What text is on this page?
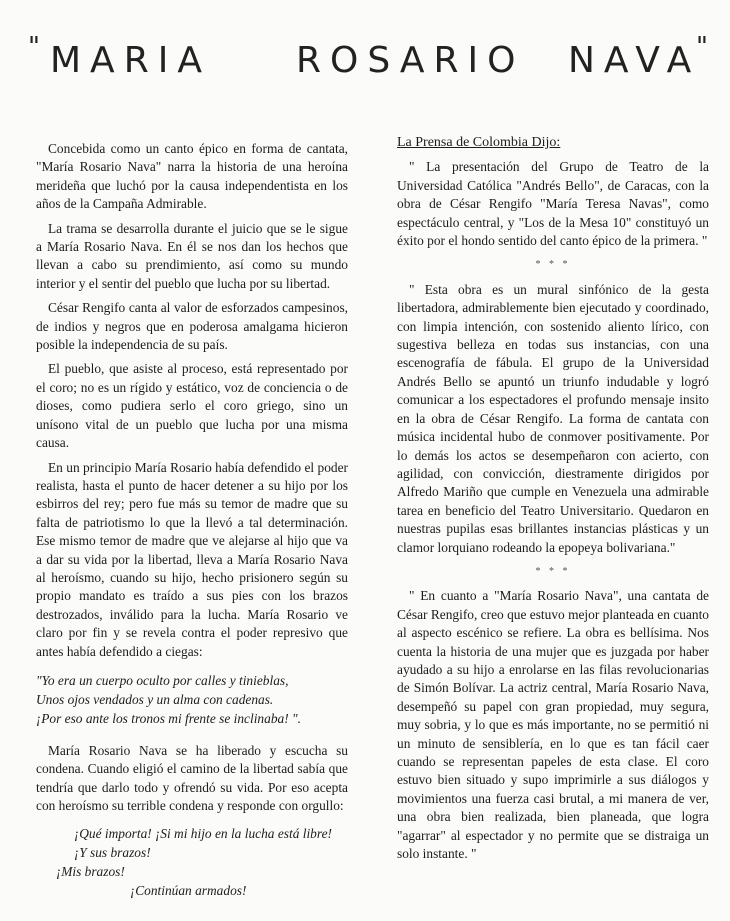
" MARIA ROSARIO NAVA
"

Concebida como un canto épico en forma de cantata, "María Rosario Nava" narra la historia de una heroína merideña que luchó por la causa independentista en los años de la Campaña Admirable.

La trama se desarrolla durante el juicio que se le sigue a María Rosario Nava. En él se nos dan los hechos que llevan a cabo su prendimiento, así como su mundo interior y el sentir del pueblo que lucha por su libertad.

César Rengifo canta al valor de esforzados campesinos, de indios y negros que en poderosa amalgama hicieron posible la independencia de su país.

El pueblo, que asiste al proceso, está representado por el coro; no es un rígido y estático, voz de conciencia o de dioses, como pudiera serlo el coro griego, sino un unísono vital de un pueblo que lucha por una misma causa.

En un principio María Rosario había defendido el poder realista, hasta el punto de hacer detener a su hijo por los esbirros del rey; pero fue más su temor de madre que su falta de patriotismo lo que la llevó a tal determinación. Ese mismo temor de madre que ve alejarse al hijo que va a dar su vida por la libertad, lleva a María Rosario Nava al heroísmo, cuando su hijo, hecho prisionero según su propio mandato es traído a sus pies con los brazos destrozados, inválido para la lucha. María Rosario ve claro por fin y se revela contra el poder represivo que antes había defendido a ciegas:

"Yo era un cuerpo oculto por calles y tinieblas,
Unos ojos vendados y un alma con cadenas.
¡Por eso ante los tronos mi frente se inclinaba! ".

María Rosario Nava se ha liberado y escucha su condena. Cuando eligió el camino de la libertad sabía que tendría que darlo todo y ofrendó su vida. Por eso acepta con heroísmo su terrible condena y responde con orgullo:

¡Qué importa! ¡Si mi hijo en la lucha está libre!
¡Y sus brazos!
¡Mis brazos!
¡Continúan armados!

La Prensa de Colombia Dijo:

" La presentación del Grupo de Teatro de la Universidad Católica "Andrés Bello", de Caracas, con la obra de César Rengifo "María Teresa Navas", como espectáculo central, y "Los de la Mesa 10" constituyó un éxito por el hondo sentido del canto épico de la primera. "

* * *

" Esta obra es un mural sinfónico de la gesta libertadora, admirablemente bien ejecutado y coordinado, con limpia intención, con sostenido aliento lírico, con sugestiva belleza en todas sus instancias, con una escenografía de fábula. El grupo de la Universidad Andrés Bello se apuntó un triunfo indudable y logró comunicar a los espectadores el profundo mensaje insito en la obra de César Rengifo. La forma de cantata con música incidental hubo de conmover positivamente. Por lo demás los actos se desempeñaron con acierto, con agilidad, con convicción, diestramente dirigidos por Alfredo Mariño que cumple en Venezuela una admirable tarea en beneficio del Teatro Universitario. Quedaron en nuestras pupilas esas brillantes instancias plásticas y un clamor lorquiano rodeando la epopeya bolivariana."

* * *

" En cuanto a "María Rosario Nava", una cantata de César Rengifo, creo que estuvo mejor planteada en cuanto al aspecto escénico se refiere. La obra es bellísima. Nos cuenta la historia de una mujer que es juzgada por haber ayudado a su hijo a enrolarse en las filas revolucionarias de Simón Bolívar. La actriz central, María Rosario Nava, desempeñó su papel con gran propiedad, muy segura, muy sobria, y lo que es más importante, no se permitió ni un minuto de sensiblería, en lo que es tan fácil caer cuando se representan papeles de esta clase. El coro estuvo bien situado y supo imprimirle a sus diálogos y movimientos una fuerza casi brutal, a mi manera de ver, una obra bien realizada, bien planeada, que logra "agarrar" al espectador y no permite que se distraiga un solo instante. "
